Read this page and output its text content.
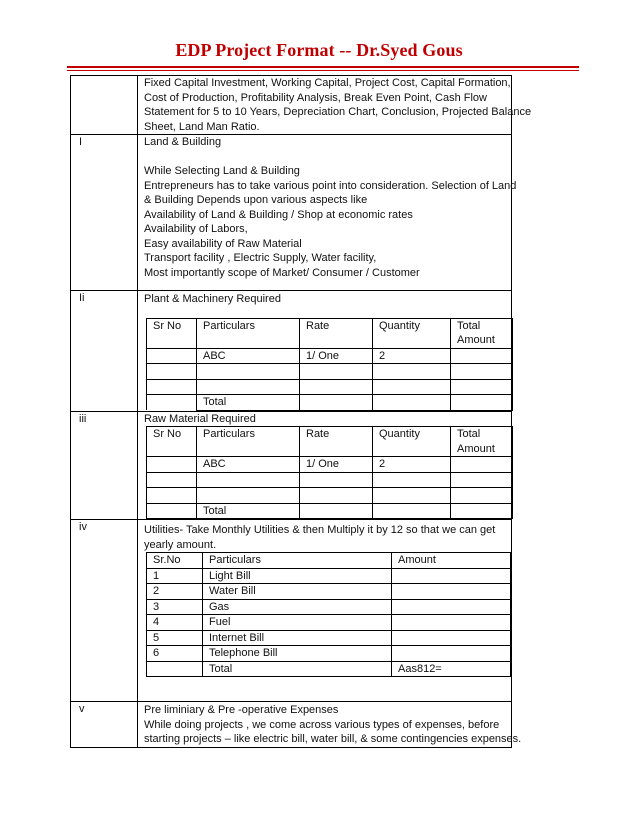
EDP Project Format -- Dr.Syed Gous

Fixed Capital Investment, Working Capital, Project Cost, Capital Formation,
Cost of Production, Profitability Analysis, Break Even Point, Cash Flow
Statement for 5 to 10 Years, Depreciation Chart, Conclusion, Projected Balance
Sheet, Land Man Ratio.

I	Land & Building
While Selecting Land & Building
Entrepreneurs has to take various point into consideration. Selection of Land
& Building Depends upon various aspects like
Availability of Land & Building / Shop at economic rates
Availability of Labors,
Easy availability of Raw Material
Transport facility , Electric Supply, Water facility,
Most importantly scope of Market/ Consumer / Customer

Ii	Plant & Machinery Required
Sr No	Particulars	Rate	Quantity	Total
Amount

	ABC	1/ One	2	

	Total			

iii	Raw Material Required
Sr No	Particulars	Rate	Quantity	Total
Amount

	ABC	1/ One	2	

	Total			

iv	Utilities- Take Monthly Utilities & then Multiply it by 12 so that we can get
yearly amount.
Sr.No	Particulars	Amount
1	Light Bill	
2	Water Bill	
3	Gas	
4	Fuel	
5	Internet Bill	
6	Telephone Bill	
	Total	Aas812=

v	Pre liminiary & Pre -operative Expenses
While doing projects , we come across various types of expenses, before
starting projects – like electric bill, water bill, & some contingencies expenses.
